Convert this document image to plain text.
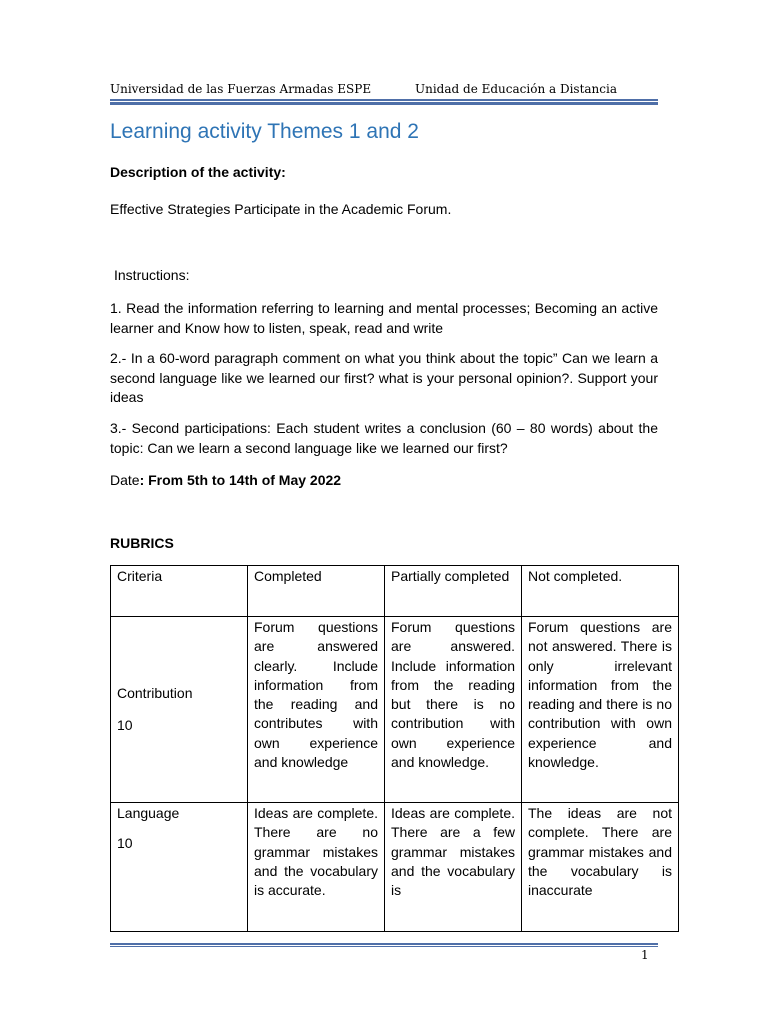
Universidad de las Fuerzas Armadas ESPE	Unidad de Educación a Distancia
Learning activity Themes 1 and 2
Description of the activity:
Effective Strategies Participate in the Academic Forum.
Instructions:
1. Read the information referring to learning and mental processes; Becoming an active learner and Know how to listen, speak, read and write
2.- In a 60-word paragraph comment on what you think about the topic” Can we learn a second language like we learned our first? what is your personal opinion?. Support your ideas
3.- Second participations: Each student writes a conclusion (60 – 80 words) about the topic: Can we learn a second language like we learned our first?
Date: From 5th to 14th of May 2022
RUBRICS
Criteria	Completed	Partially completed	Not completed.

Contribution
10	Forum questions are answered clearly. Include information from the reading and contributes with own experience and knowledge	Forum questions are answered. Include information from the reading but there is no contribution with own experience and knowledge.	Forum questions are not answered. There is only irrelevant information from the reading and there is no contribution with own experience and knowledge.

Language
10	Ideas are complete. There are no grammar mistakes and the vocabulary is accurate.	Ideas are complete. There are a few grammar mistakes and the vocabulary is	The ideas are not complete. There are grammar mistakes and the vocabulary is inaccurate
1
